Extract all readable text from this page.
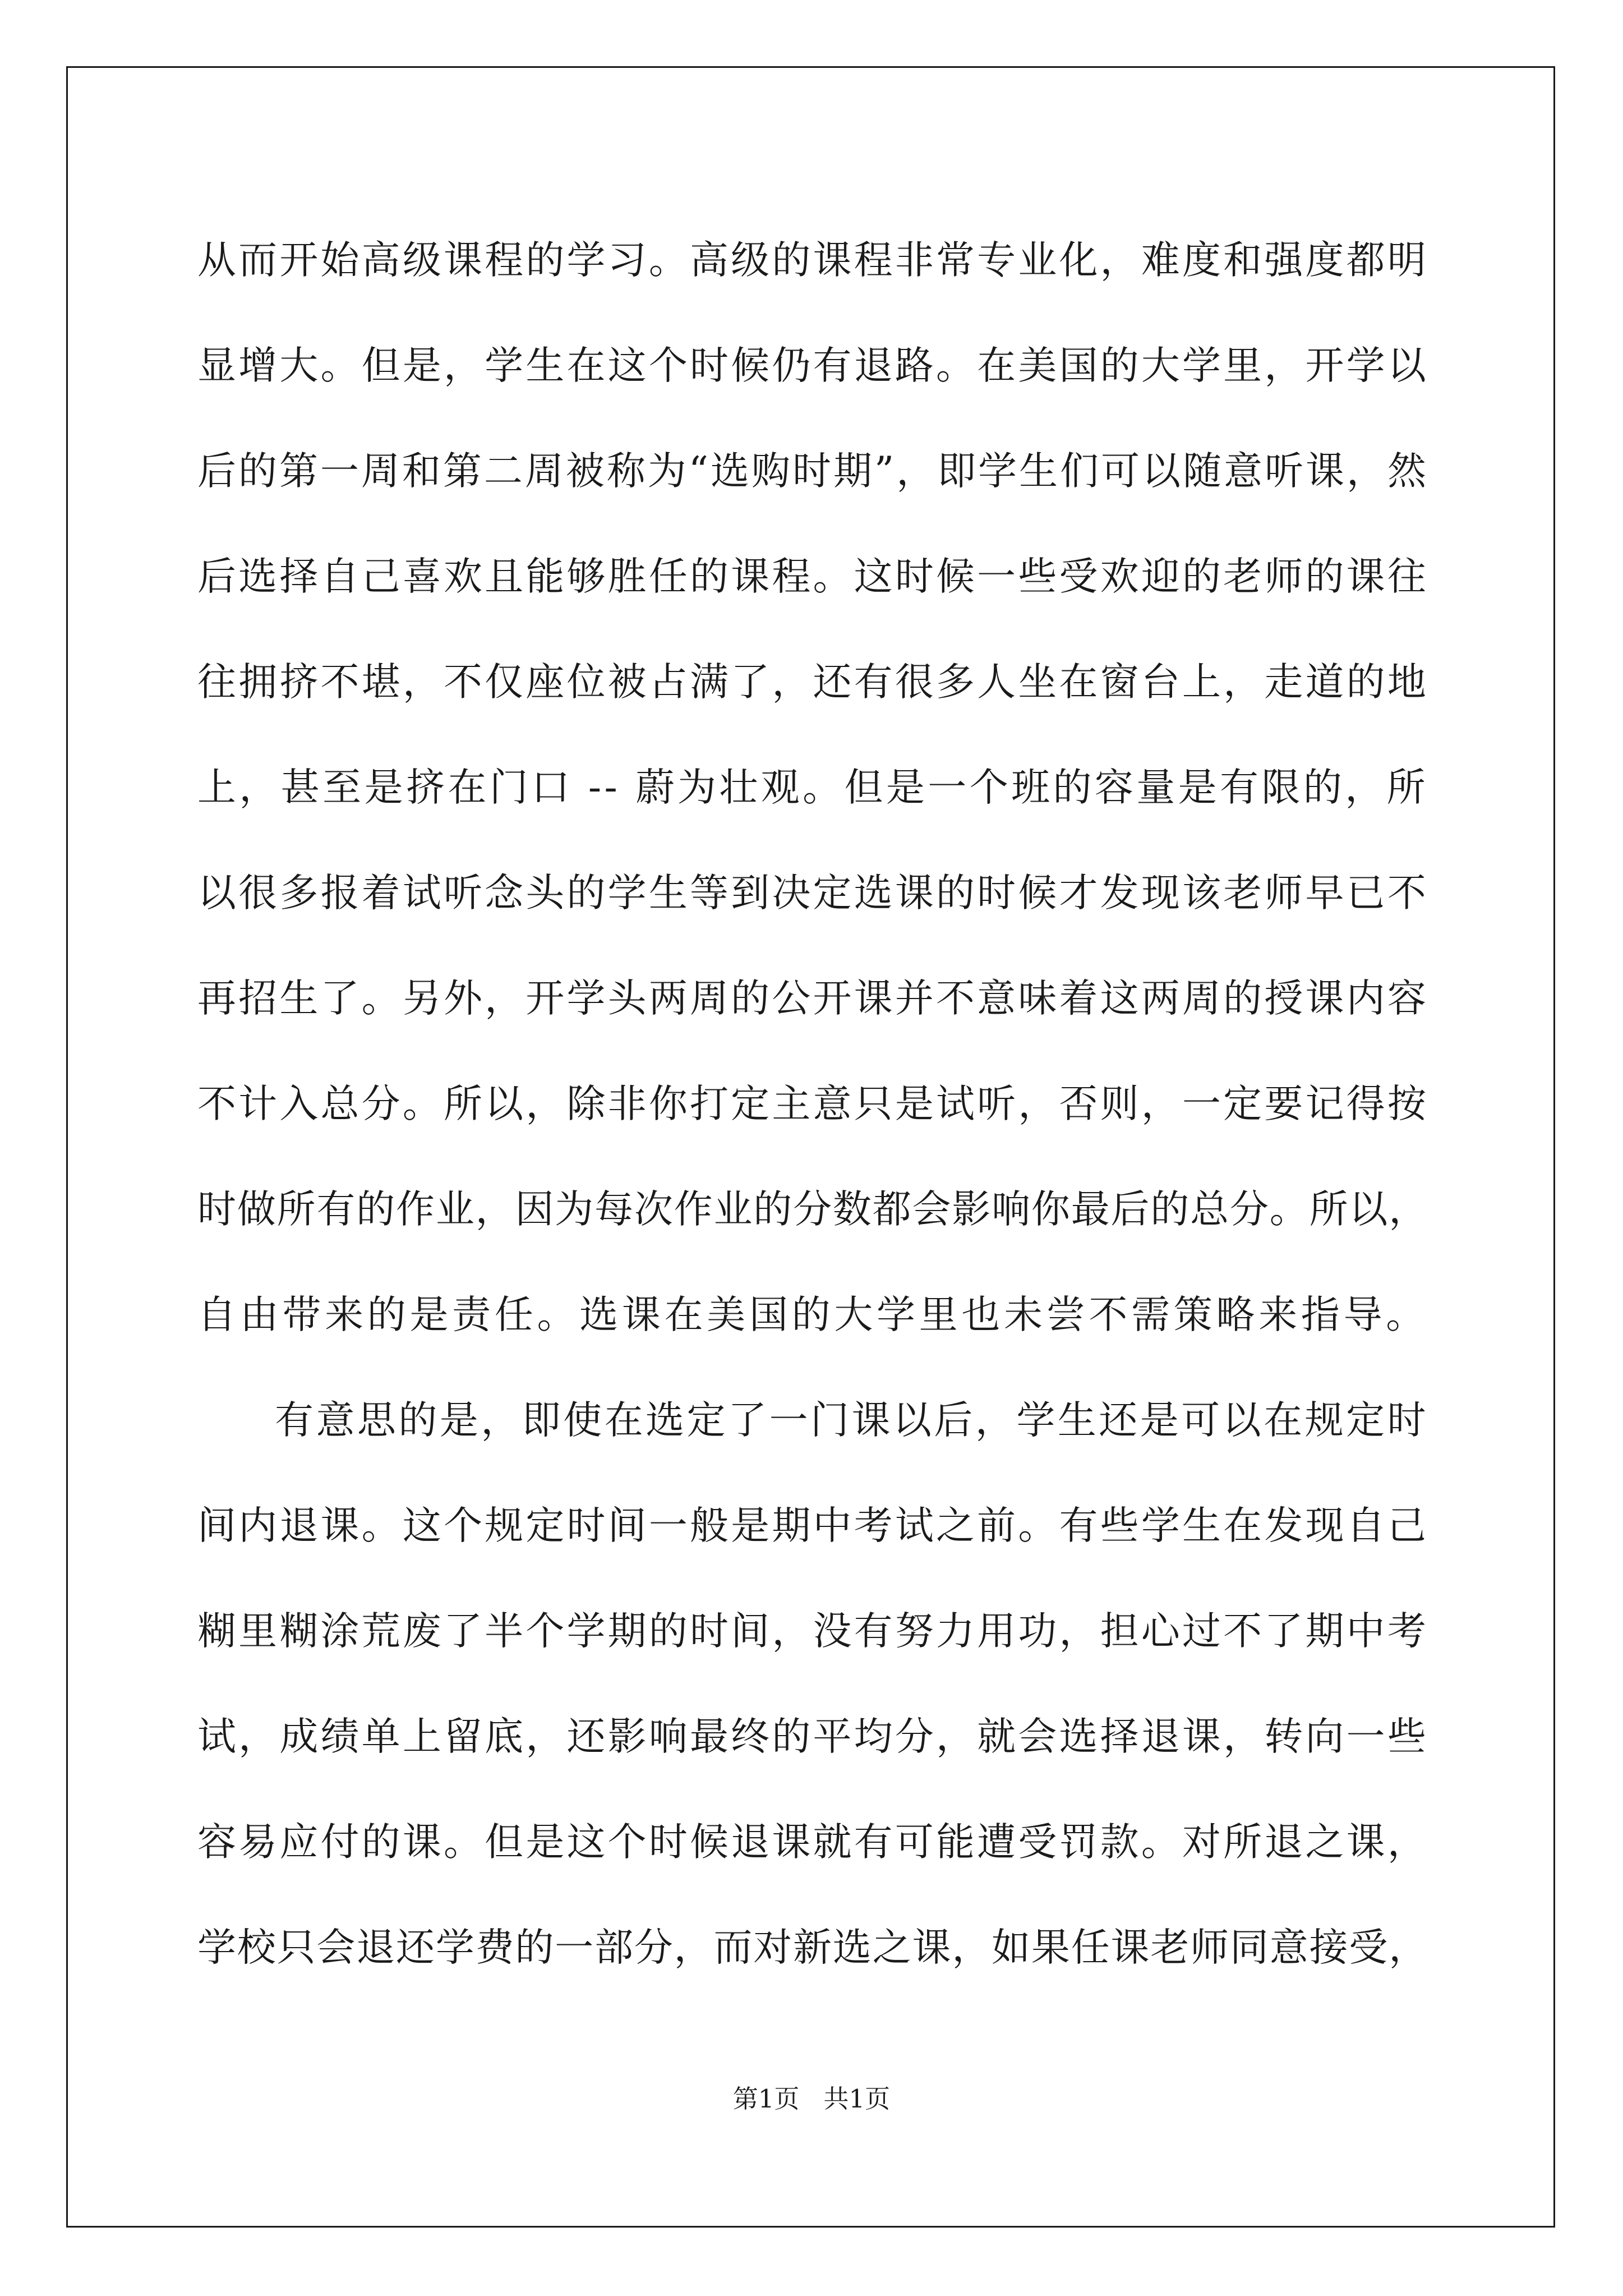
从而开始高级课程的学习。高级的课程非常专业化，难度和强度都明
显增大。但是，学生在这个时候仍有退路。在美国的大学里，开学以
后的第一周和第二周被称为“选购时期”，即学生们可以随意听课，然
后选择自己喜欢且能够胜任的课程。这时候一些受欢迎的老师的课往
往拥挤不堪，不仅座位被占满了，还有很多人坐在窗台上，走道的地
上，甚至是挤在门口 -- 蔚为壮观。但是一个班的容量是有限的，所
以很多报着试听念头的学生等到决定选课的时候才发现该老师早已不
再招生了。另外，开学头两周的公开课并不意味着这两周的授课内容
不计入总分。所以，除非你打定主意只是试听，否则，一定要记得按
时做所有的作业，因为每次作业的分数都会影响你最后的总分。所以，
自由带来的是责任。选课在美国的大学里也未尝不需策略来指导。
有意思的是，即使在选定了一门课以后，学生还是可以在规定时
间内退课。这个规定时间一般是期中考试之前。有些学生在发现自己
糊里糊涂荒废了半个学期的时间，没有努力用功，担心过不了期中考
试，成绩单上留底，还影响最终的平均分，就会选择退课，转向一些
容易应付的课。但是这个时候退课就有可能遭受罚款。对所退之课，
学校只会退还学费的一部分，而对新选之课，如果任课老师同意接受，
第1页   共1页
